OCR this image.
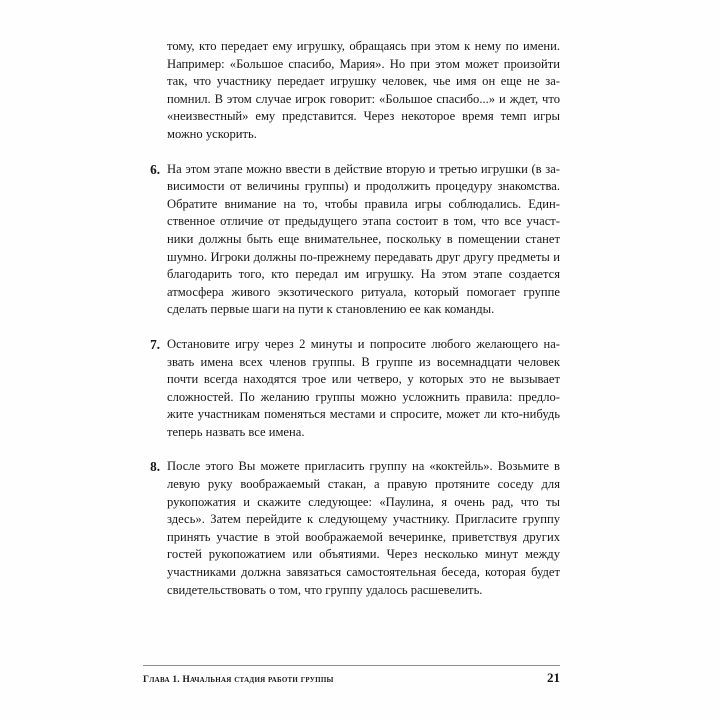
тому, кто передает ему игрушку, обращаясь при этом к нему по имени. Например: «Большое спасибо, Мария». Но при этом может произойти так, что участнику передает игрушку человек, чье имя он еще не запомнил. В этом случае игрок говорит: «Большое спасибо...» и ждет, что «неизвестный» ему представится. Через некоторое время темп игры можно ускорить.

6. На этом этапе можно ввести в действие вторую и третью игрушки (в зависимости от величины группы) и продолжить процедуру знакомства. Обратите внимание на то, чтобы правила игры соблюдались. Единственное отличие от предыдущего этапа состоит в том, что все участники должны быть еще внимательнее, поскольку в помещении станет шумно. Игроки должны по-прежнему передавать друг другу предметы и благодарить того, кто передал им игрушку. На этом этапе создается атмосфера живого экзотического ритуала, который помогает группе сделать первые шаги на пути к становлению ее как команды.
7. Остановите игру через 2 минуты и попросите любого желающего назвать имена всех членов группы. В группе из восемнадцати человек почти всегда находятся трое или четверо, у которых это не вызывает сложностей. По желанию группы можно усложнить правила: предложите участникам поменяться местами и спросите, может ли кто-нибудь теперь назвать все имена.
8. После этого Вы можете пригласить группу на «коктейль». Возьмите в левую руку воображаемый стакан, а правую протяните соседу для рукопожатия и скажите следующее: «Паулина, я очень рад, что ты здесь». Затем перейдите к следующему участнику. Пригласите группу принять участие в этой воображаемой вечеринке, приветствуя других гостей рукопожатием или объятиями. Через несколько минут между участниками должна завязаться самостоятельная беседа, которая будет свидетельствовать о том, что группу удалось расшевелить.
Глава 1. Начальная стадия работи группы	21
